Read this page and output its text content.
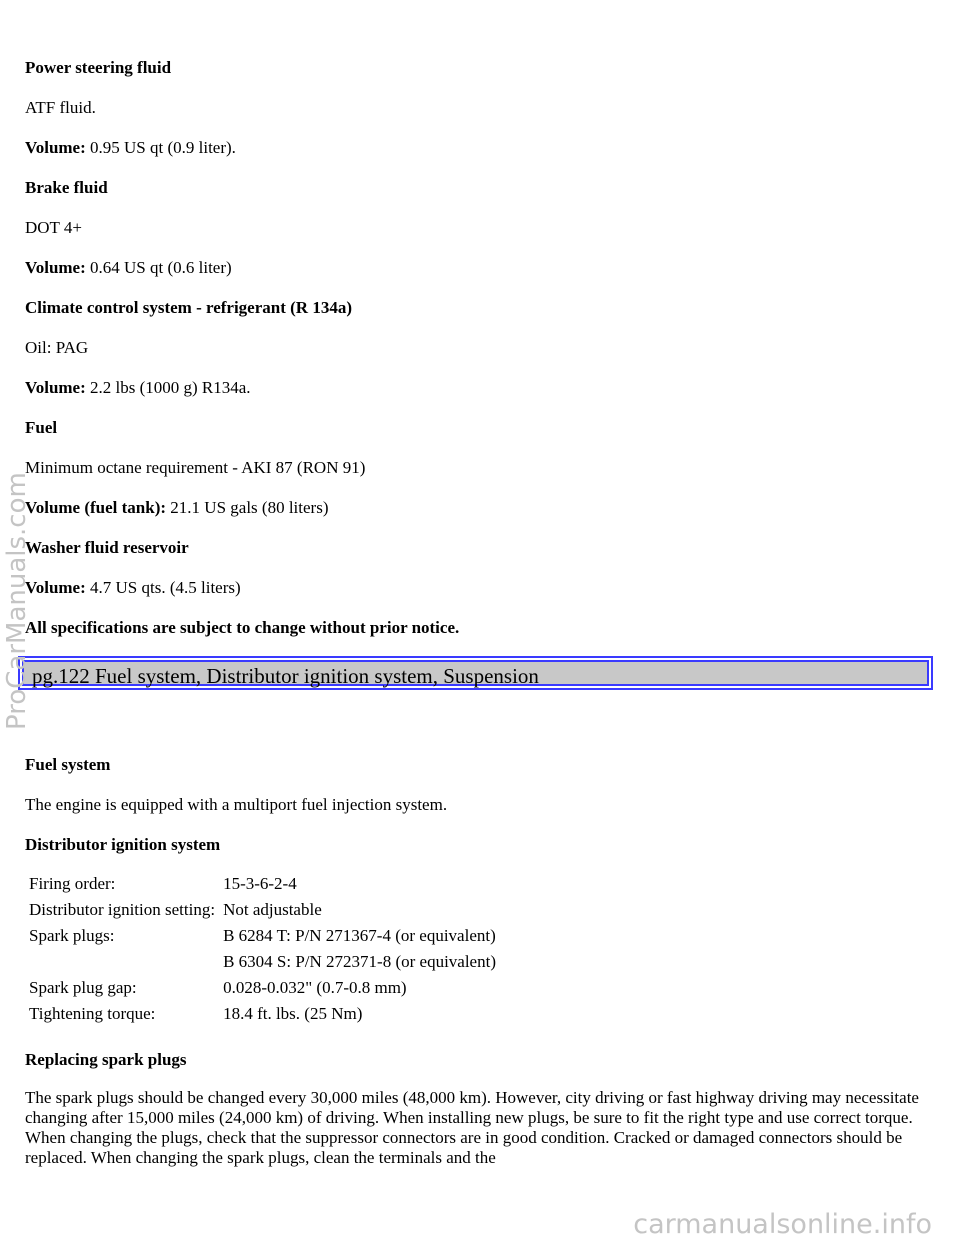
Power steering fluid

ATF fluid.

Volume: 0.95 US qt (0.9 liter).

Brake fluid

DOT 4+

Volume: 0.64 US qt (0.6 liter)

Climate control system - refrigerant (R 134a)

Oil: PAG

Volume: 2.2 lbs (1000 g) R134a.

Fuel

Minimum octane requirement - AKI 87 (RON 91)

Volume (fuel tank): 21.1 US gals (80 liters)

Washer fluid reservoir

Volume: 4.7 US qts. (4.5 liters)

All specifications are subject to change without prior notice.

pg.122 Fuel system, Distributor ignition system, Suspension

Fuel system

The engine is equipped with a multiport fuel injection system.

Distributor ignition system

Firing order:	15-3-6-2-4
Distributor ignition setting:	Not adjustable
Spark plugs:	B 6284 T: P/N 271367-4 (or equivalent)
	B 6304 S: P/N 272371-8 (or equivalent)
Spark plug gap:	0.028-0.032" (0.7-0.8 mm)
Tightening torque:	18.4 ft. lbs. (25 Nm)

Replacing spark plugs

The spark plugs should be changed every 30,000 miles (48,000 km). However, city driving or fast highway driving may necessitate changing after 15,000 miles (24,000 km) of driving. When installing new plugs, be sure to fit the right type and use correct torque. When changing the plugs, check that the suppressor connectors are in good condition. Cracked or damaged connectors should be replaced. When changing the spark plugs, clean the terminals and the

ProCarManuals.com
carmanualsonline.info
